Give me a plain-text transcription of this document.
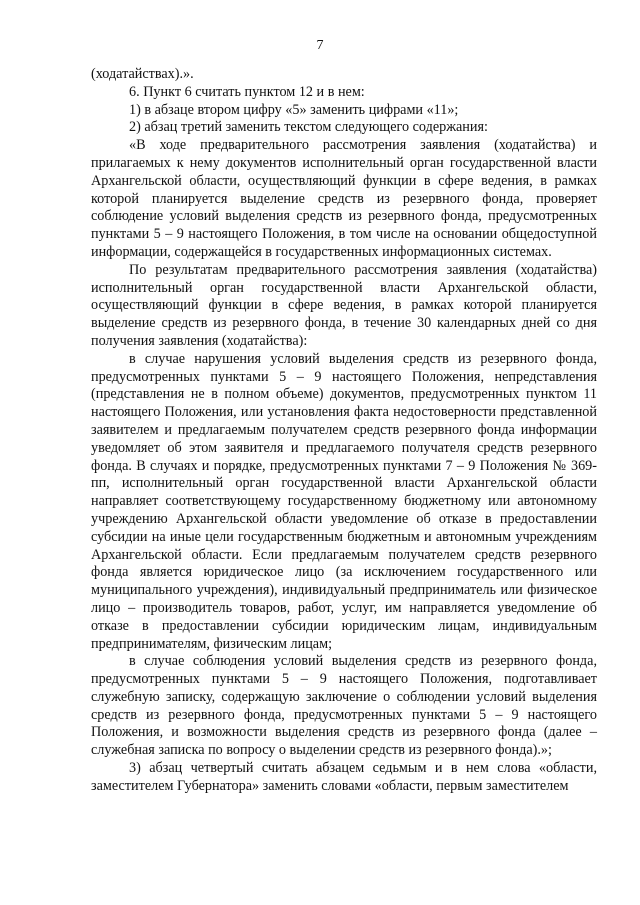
7

(ходатайствах).».

6. Пункт 6 считать пунктом 12 и в нем:

1) в абзаце втором цифру «5» заменить цифрами «11»;

2) абзац третий заменить текстом следующего содержания:

«В ходе предварительного рассмотрения заявления (ходатайства) и прилагаемых к нему документов исполнительный орган государственной власти Архангельской области, осуществляющий функции в сфере ведения, в рамках которой планируется выделение средств из резервного фонда, проверяет соблюдение условий выделения средств из резервного фонда, предусмотренных пунктами 5 – 9 настоящего Положения, в том числе на основании общедоступной информации, содержащейся в государственных информационных системах.

По результатам предварительного рассмотрения заявления (ходатайства) исполнительный орган государственной власти Архангельской области, осуществляющий функции в сфере ведения, в рамках которой планируется выделение средств из резервного фонда, в течение 30 календарных дней со дня получения заявления (ходатайства):

в случае нарушения условий выделения средств из резервного фонда, предусмотренных пунктами 5 – 9 настоящего Положения, непредставления (представления не в полном объеме) документов, предусмотренных пунктом 11 настоящего Положения, или установления факта недостоверности представленной заявителем и предлагаемым получателем средств резервного фонда информации уведомляет об этом заявителя и предлагаемого получателя средств резервного фонда. В случаях и порядке, предусмотренных пунктами 7 – 9 Положения № 369-пп, исполнительный орган государственной власти Архангельской области направляет соответствующему государственному бюджетному или автономному учреждению Архангельской области уведомление об отказе в предоставлении субсидии на иные цели государственным бюджетным и автономным учреждениям Архангельской области. Если предлагаемым получателем средств резервного фонда является юридическое лицо (за исключением государственного или муниципального учреждения), индивидуальный предприниматель или физическое лицо – производитель товаров, работ, услуг, им направляется уведомление об отказе в предоставлении субсидии юридическим лицам, индивидуальным предпринимателям, физическим лицам;

в случае соблюдения условий выделения средств из резервного фонда, предусмотренных пунктами 5 – 9 настоящего Положения, подготавливает служебную записку, содержащую заключение о соблюдении условий выделения средств из резервного фонда, предусмотренных пунктами 5 – 9 настоящего Положения, и возможности выделения средств из резервного фонда (далее – служебная записка по вопросу о выделении средств из резервного фонда).»;

3) абзац четвертый считать абзацем седьмым и в нем слова «области, заместителем Губернатора» заменить словами «области, первым заместителем
